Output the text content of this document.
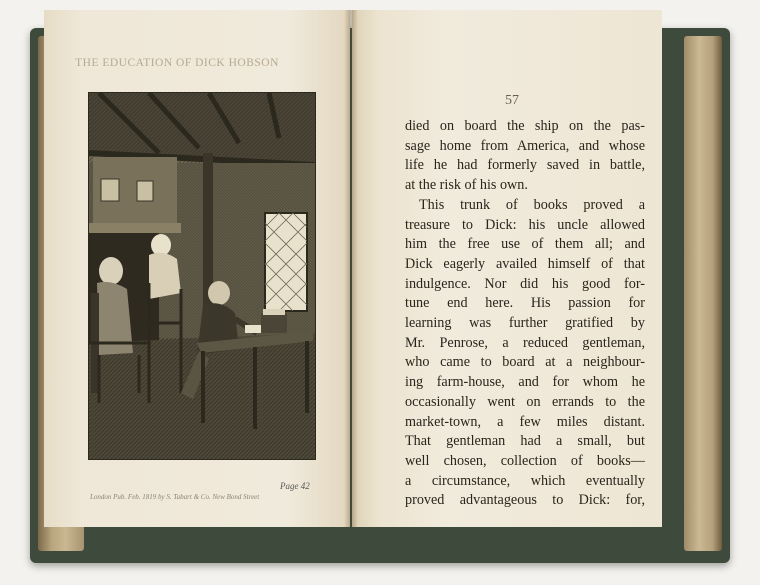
THE EDUCATION OF DICK HOBSON
Page 42
London Pub. Feb. 1819 by S. Tabart & Co. New Bond Street
57
died on board the ship on the pas-
sage home from America, and whose
life he had formerly saved in battle,
at the risk of his own.
This trunk of books proved a
treasure to Dick: his uncle allowed
him the free use of them all; and
Dick eagerly availed himself of that
indulgence. Nor did his good for-
tune end here. His passion for
learning was further gratified by
Mr. Penrose, a reduced gentleman,
who came to board at a neighbour-
ing farm-house, and for whom he
occasionally went on errands to the
market-town, a few miles distant.
That gentleman had a small, but
well chosen, collection of books—
a circumstance, which eventually
proved advantageous to Dick: for,
